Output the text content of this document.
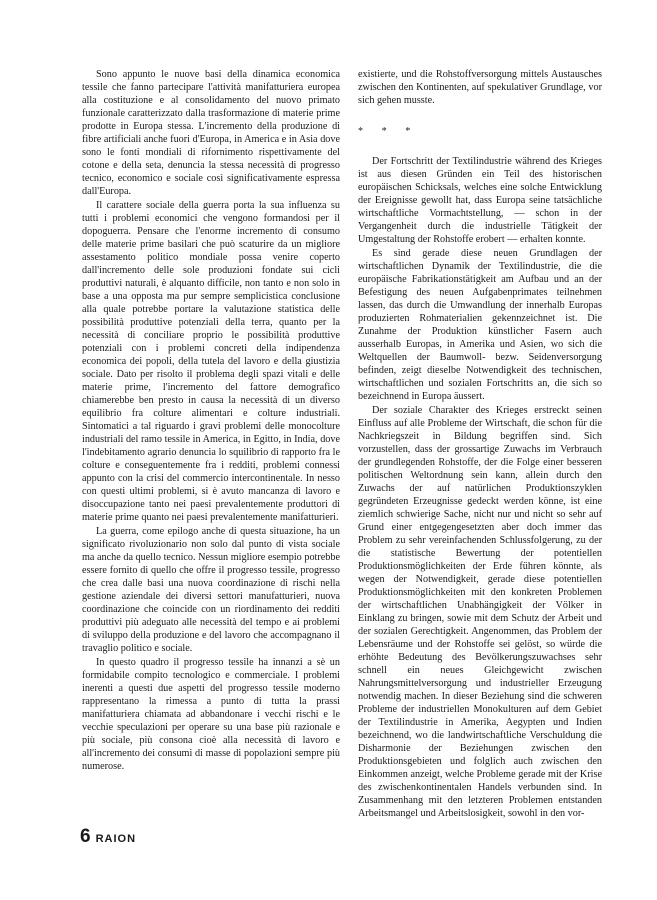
Sono appunto le nuove basi della dinamica economica tessile che fanno partecipare l'attività manifatturiera europea alla costituzione e al consolidamento del nuovo primato funzionale caratterizzato dalla trasformazione di materie prime prodotte in Europa stessa. L'incremento della produzione di fibre artificiali anche fuori d'Europa, in America e in Asia dove sono le fonti mondiali di rifornimento rispettivamente del cotone e della seta, denuncia la stessa necessità di progresso tecnico, economico e sociale così significativamente espressa dall'Europa.

Il carattere sociale della guerra porta la sua influenza su tutti i problemi economici che vengono formandosi per il dopoguerra. Pensare che l'enorme incremento di consumo delle materie prime basilari che può scaturire da un migliore assestamento politico mondiale possa venire coperto dall'incremento delle sole produzioni fondate sui cicli produttivi naturali, è alquanto difficile, non tanto e non solo in base a una opposta ma pur sempre semplicistica conclusione alla quale potrebbe portare la valutazione statistica delle possibilità produttive potenziali della terra, quanto per la necessità di conciliare proprio le possibilità produttive potenziali con i problemi concreti della indipendenza economica dei popoli, della tutela del lavoro e della giustizia sociale. Dato per risolto il problema degli spazi vitali e delle materie prime, l'incremento del fattore demografico chiamerebbe ben presto in causa la necessità di un diverso equilibrio fra colture alimentari e colture industriali. Sintomatici a tal riguardo i gravi problemi delle monocolture industriali del ramo tessile in America, in Egitto, in India, dove l'indebitamento agrario denuncia lo squilibrio di rapporto fra le colture e conseguentemente fra i redditi, problemi connessi appunto con la crisi del commercio intercontinentale. In nesso con questi ultimi problemi, si è avuto mancanza di lavoro e disoccupazione tanto nei paesi prevalentemente produttori di materie prime quanto nei paesi prevalentemente manifatturieri.

La guerra, come epilogo anche di questa situazione, ha un significato rivoluzionario non solo dal punto di vista sociale ma anche da quello tecnico. Nessun migliore esempio potrebbe essere fornito di quello che offre il progresso tessile, progresso che crea dalle basi una nuova coordinazione di rischi nella gestione aziendale dei diversi settori manufatturieri, nuova coordinazione che coincide con un riordinamento dei redditi produttivi più adeguato alle necessità del tempo e ai problemi di sviluppo della produzione e del lavoro che accompagnano il travaglio politico e sociale.

In questo quadro il progresso tessile ha innanzi a sè un formidabile compito tecnologico e commerciale. I problemi inerenti a questi due aspetti del progresso tessile moderno rappresentano la rimessa a punto di tutta la prassi manifatturiera chiamata ad abbandonare i vecchi rischi e le vecchie speculazioni per operare su una base più razionale e più sociale, più consona cioè alla necessità di lavoro e all'incremento dei consumi di masse di popolazioni sempre più numerose.

existierte, und die Rohstoffversorgung mittels Austausches zwischen den Kontinenten, auf spekulativer Grundlage, vor sich gehen musste.

* * *

Der Fortschritt der Textilindustrie während des Krieges ist aus diesen Gründen ein Teil des historischen europäischen Schicksals, welches eine solche Entwicklung der Ereignisse gewollt hat, dass Europa seine tatsächliche wirtschaftliche Vormachtstellung, — schon in der Vergangenheit durch die industrielle Tätigkeit der Umgestaltung der Rohstoffe erobert — erhalten konnte.

Es sind gerade diese neuen Grundlagen der wirtschaftlichen Dynamik der Textilindustrie, die die europäische Fabrikationstätigkeit am Aufbau und an der Befestigung des neuen Aufgabenprimates teilnehmen lassen, das durch die Umwandlung der innerhalb Europas produzierten Rohmaterialien gekennzeichnet ist. Die Zunahme der Produktion künstlicher Fasern auch ausserhalb Europas, in Amerika und Asien, wo sich die Weltquellen der Baumwoll- bezw. Seidenversorgung befinden, zeigt dieselbe Notwendigkeit des technischen, wirtschaftlichen und sozialen Fortschritts an, die sich so bezeichnend in Europa äussert.

Der soziale Charakter des Krieges erstreckt seinen Einfluss auf alle Probleme der Wirtschaft, die schon für die Nachkriegszeit in Bildung begriffen sind. Sich vorzustellen, dass der grossartige Zuwachs im Verbrauch der grundlegenden Rohstoffe, der die Folge einer besseren politischen Weltordnung sein kann, allein durch den Zuwachs der auf natürlichen Produktionszyklen gegründeten Erzeugnisse gedeckt werden könne, ist eine ziemlich schwierige Sache, nicht nur und nicht so sehr auf Grund einer entgegengesetzten aber doch immer das Problem zu sehr vereinfachenden Schlussfolgerung, zu der die statistische Bewertung der potentiellen Produktionsmöglichkeiten der Erde führen könnte, als wegen der Notwendigkeit, gerade diese potentiellen Produktionsmöglichkeiten mit den konkreten Problemen der wirtschaftlichen Unabhängigkeit der Völker in Einklang zu bringen, sowie mit dem Schutz der Arbeit und der sozialen Gerechtigkeit. Angenommen, das Problem der Lebensräume und der Rohstoffe sei gelöst, so würde die erhöhte Bedeutung des Bevölkerungszuwachses sehr schnell ein neues Gleichgewicht zwischen Nahrungsmittelversorgung und industrieller Erzeugung notwendig machen. In dieser Beziehung sind die schweren Probleme der industriellen Monokulturen auf dem Gebiet der Textilindustrie in Amerika, Aegypten und Indien bezeichnend, wo die landwirtschaftliche Verschuldung die Disharmonie der Beziehungen zwischen den Produktionsgebieten und folglich auch zwischen den Einkommen anzeigt, welche Probleme gerade mit der Krise des zwischenkontinentalen Handels verbunden sind. In Zusammenhang mit den letzteren Problemen entstanden Arbeitsmangel und Arbeitslosigkeit, sowohl in den vor-

6 RAION
